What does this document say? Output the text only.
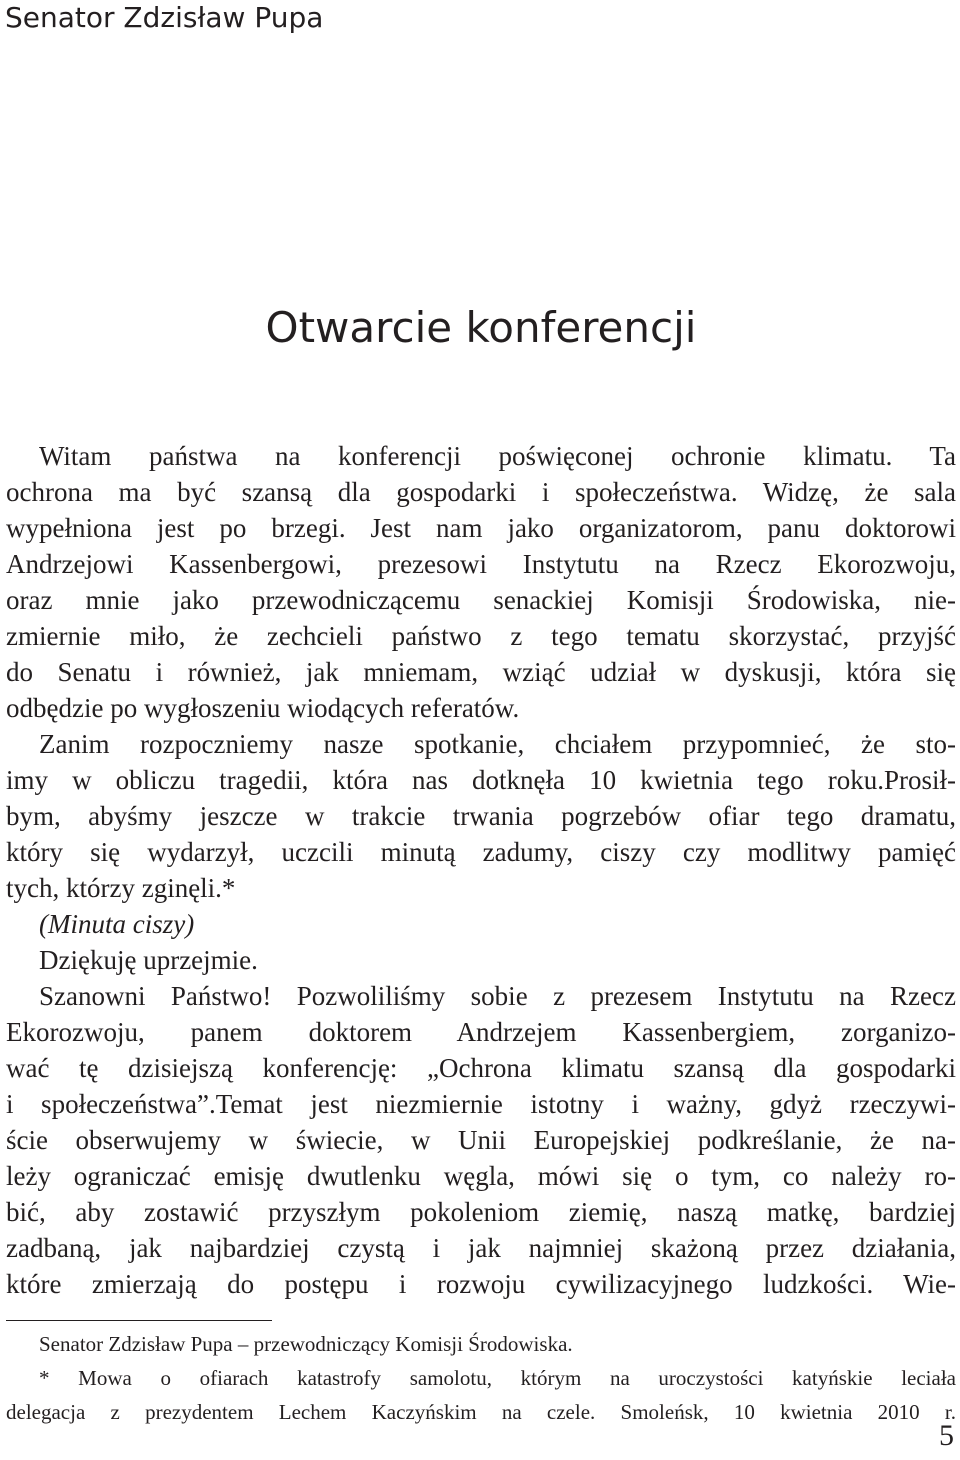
Senator Zdzisław Pupa
Otwarcie konferencji
Witam państwa na konferencji poświęconej ochronie klimatu. Ta
ochrona ma być szansą dla gospodarki i społeczeństwa. Widzę, że sala
wypełniona jest po brzegi. Jest nam jako organizatorom, panu doktorowi
Andrzejowi Kassenbergowi, prezesowi Instytutu na Rzecz Ekorozwoju,
oraz mnie jako przewodniczącemu senackiej Komisji Środowiska, nie-
zmiernie miło, że zechcieli państwo z tego tematu skorzystać, przyjść
do Senatu i również, jak mniemam, wziąć udział w dyskusji, która się
odbędzie po wygłoszeniu wiodących referatów.
Zanim rozpoczniemy nasze spotkanie, chciałem przypomnieć, że sto-
imy w obliczu tragedii, która nas dotknęła 10 kwietnia tego roku.Prosił-
bym, abyśmy jeszcze w trakcie trwania pogrzebów ofiar tego dramatu,
który się wydarzył, uczcili minutą zadumy, ciszy czy modlitwy pamięć
tych, którzy zginęli.*
(Minuta ciszy)
Dziękuję uprzejmie.
Szanowni Państwo! Pozwoliliśmy sobie z prezesem Instytutu na Rzecz
Ekorozwoju, panem doktorem Andrzejem Kassenbergiem, zorganizo-
wać tę dzisiejszą konferencję: „Ochrona klimatu szansą dla gospodarki
i społeczeństwa”.Temat jest niezmiernie istotny i ważny, gdyż rzeczywi-
ście obserwujemy w świecie, w Unii Europejskiej podkreślanie, że na-
leży ograniczać emisję dwutlenku węgla, mówi się o tym, co należy ro-
bić, aby zostawić przyszłym pokoleniom ziemię, naszą matkę, bardziej
zadbaną, jak najbardziej czystą i jak najmniej skażoną przez działania,
które zmierzają do postępu i rozwoju cywilizacyjnego ludzkości. Wie-
Senator Zdzisław Pupa – przewodniczący Komisji Środowiska.
* Mowa o ofiarach katastrofy samolotu, którym na uroczystości katyńskie leciała
delegacja z prezydentem Lechem Kaczyńskim na czele. Smoleńsk, 10 kwietnia 2010 r.
5
